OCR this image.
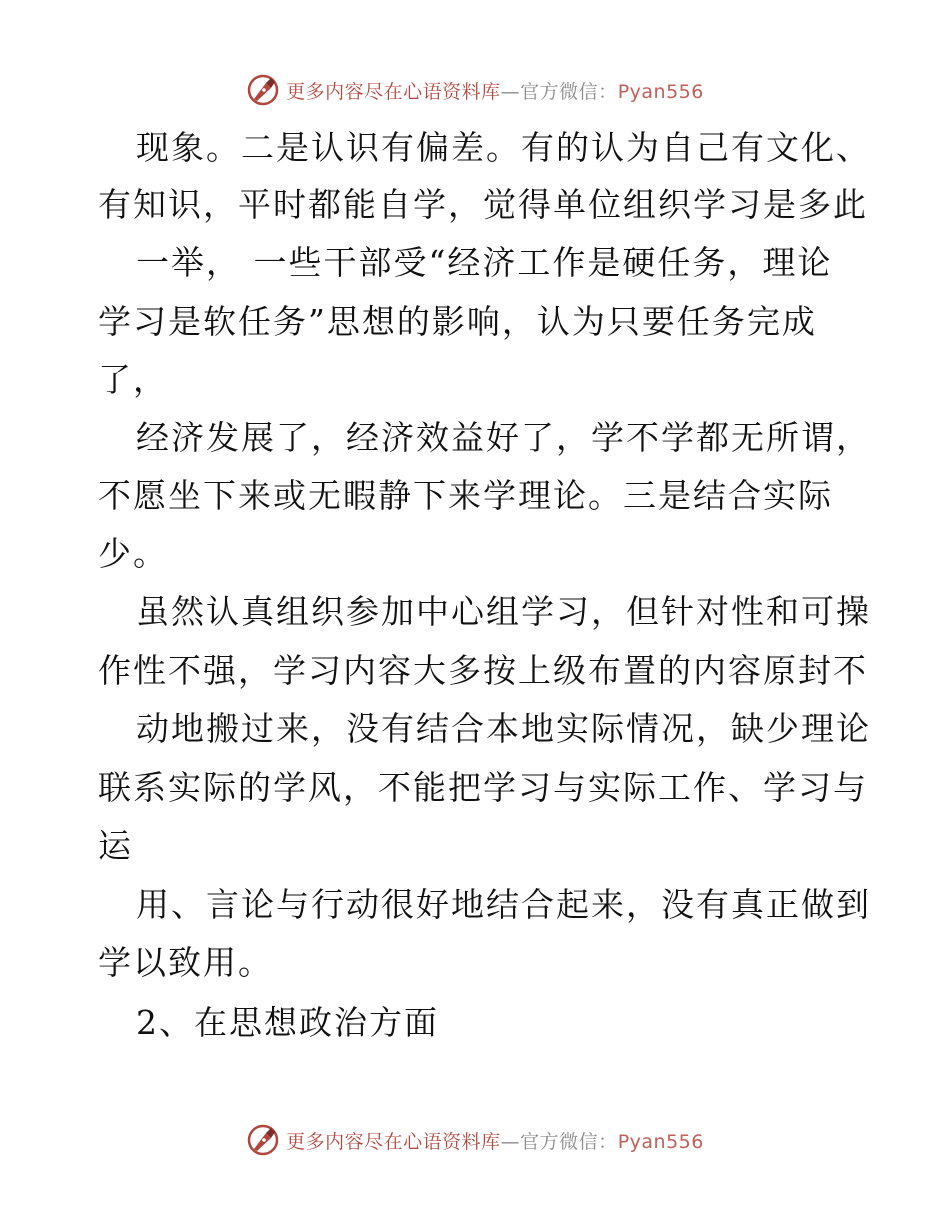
更多内容尽在心语资料库—官方微信：Pyan556
现象。二是认识有偏差。有的认为自己有文化、
有知识，平时都能自学，觉得单位组织学习是多此
一举， 一些干部受“经济工作是硬任务，理论
学习是软任务”思想的影响，认为只要任务完成
了，
经济发展了，经济效益好了，学不学都无所谓，
不愿坐下来或无暇静下来学理论。三是结合实际
少。
虽然认真组织参加中心组学习，但针对性和可操
作性不强，学习内容大多按上级布置的内容原封不
动地搬过来，没有结合本地实际情况，缺少理论
联系实际的学风，不能把学习与实际工作、学习与
运
用、言论与行动很好地结合起来，没有真正做到
学以致用。
2、在思想政治方面
更多内容尽在心语资料库—官方微信：Pyan556
